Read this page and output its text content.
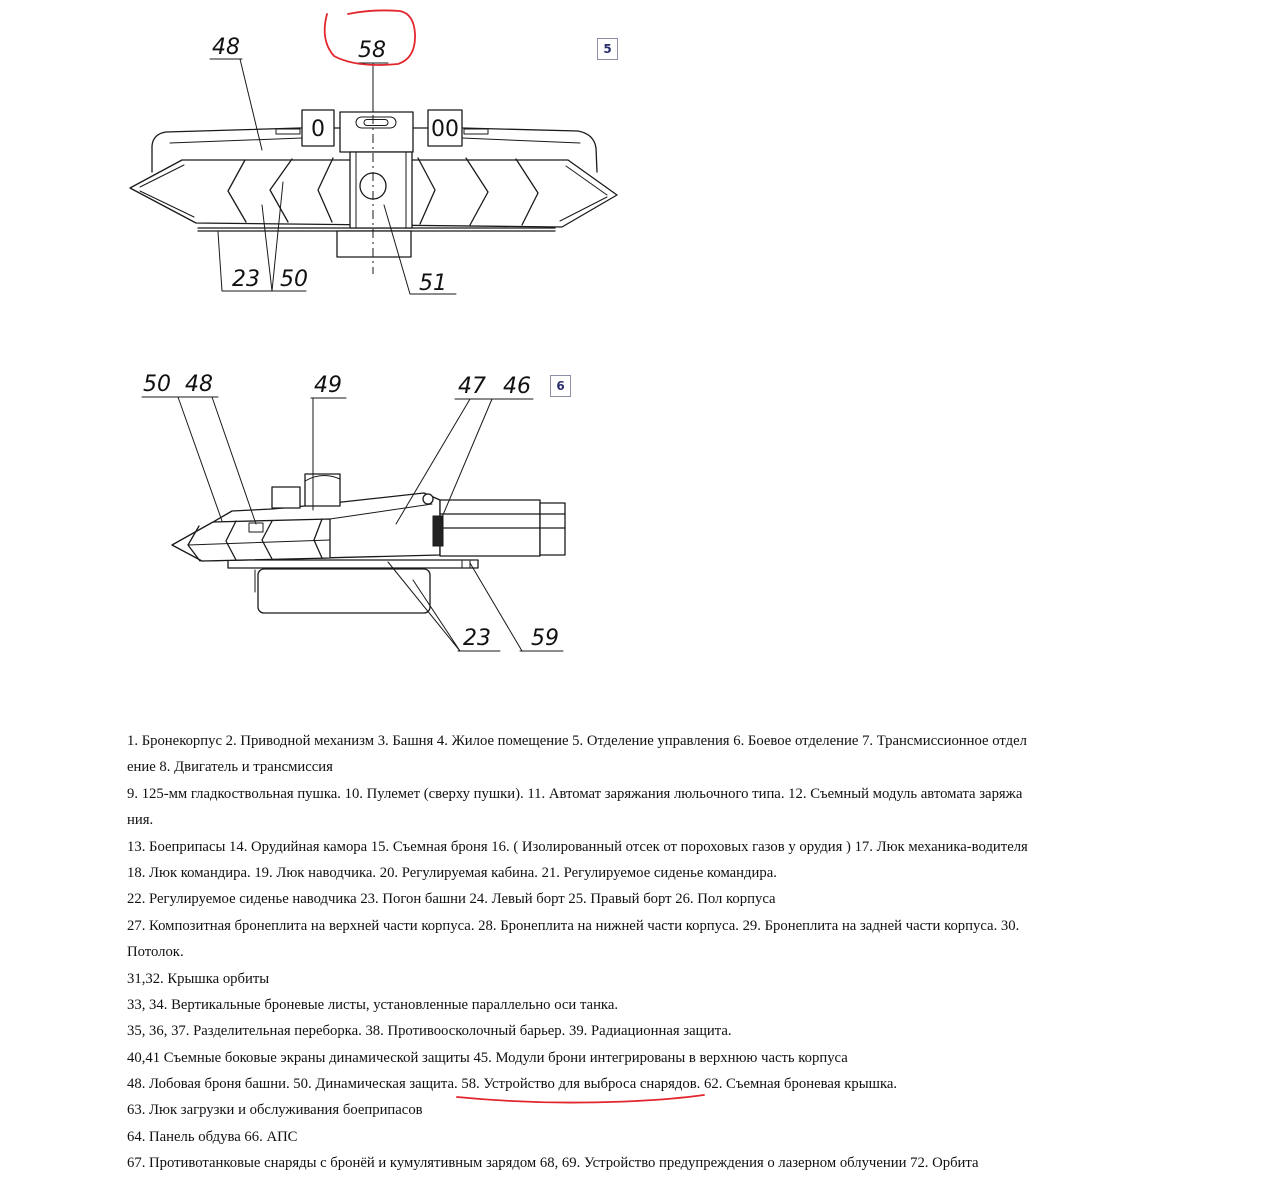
0	00
48	58
23 50	51
50 48	49	47 46
23 59
5
6
1. Бронекорпус 2. Приводной механизм 3. Башня 4. Жилое помещение 5. Отделение управления 6. Боевое отделение 7. Трансмиссионное отдел
ение 8. Двигатель и трансмиссия
9. 125-мм гладкоствольная пушка. 10. Пулемет (сверху пушки). 11. Автомат заряжания люльочного типа. 12. Съемный модуль автомата заряжа
ния.
13. Боеприпасы 14. Орудийная камора 15. Съемная броня 16. ( Изолированный отсек от пороховых газов у орудия ) 17. Люк механика-водителя
18. Люк командира. 19. Люк наводчика. 20. Регулируемая кабина. 21. Регулируемое сиденье командира.
22. Регулируемое сиденье наводчика 23. Погон башни 24. Левый борт 25. Правый борт 26. Пол корпуса
27. Композитная бронеплита на верхней части корпуса. 28. Бронеплита на нижней части корпуса. 29. Бронеплита на задней части корпуса. 30.
Потолок.
31,32. Крышка орбиты
33, 34. Вертикальные броневые листы, установленные параллельно оси танка.
35, 36, 37. Разделительная переборка. 38. Противоосколочный барьер. 39. Радиационная защита.
40,41 Съемные боковые экраны динамической защиты 45. Модули брони интегрированы в верхнюю часть корпуса
48. Лобовая броня башни. 50. Динамическая защита. 58. Устройство для выброса снарядов.
62. Съемная броневая крышка.
63. Люк загрузки и обслуживания боеприпасов
64. Панель обдува 66. АПС
67. Противотанковые снаряды с бронёй и кумулятивным зарядом 68, 69. Устройство предупреждения о лазерном облучении 72. Орбита
